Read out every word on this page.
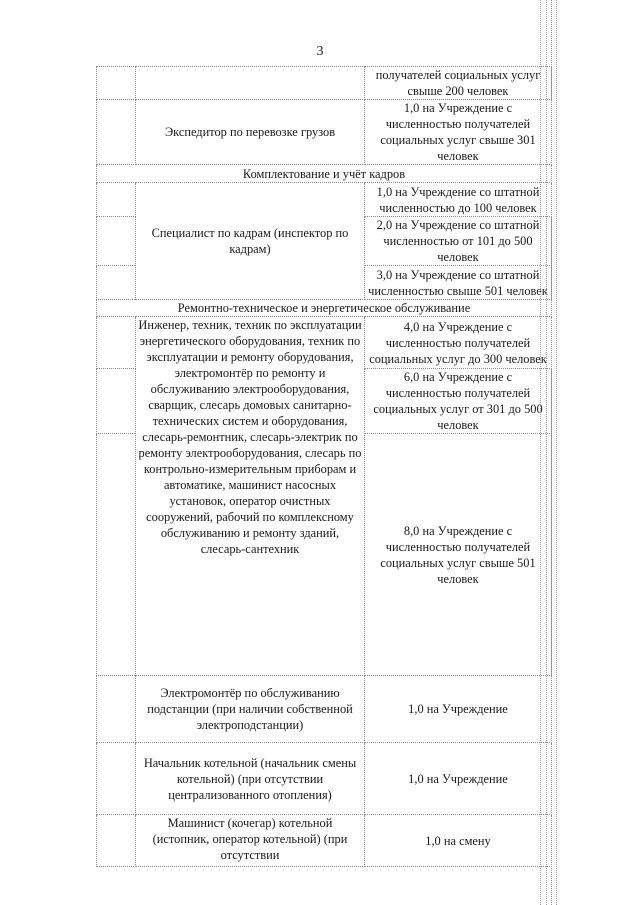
3
		получателей социальных услуг свыше 200 человек
	Экспедитор по перевозке грузов	1,0 на Учреждение с численностью получателей социальных услуг свыше 301 человек
Комплектование и учёт кадров		
	Специалист по кадрам (инспектор по кадрам)	1,0 на Учреждение со штатной численностью до 100 человек
		2,0 на Учреждение со штатной численностью от 101 до 500 человек
		3,0 на Учреждение со штатной численностью свыше 501 человек
Ремонтно-техническое и энергетическое обслуживание		
	Инженер, техник, техник по эксплуатации энергетического оборудования, техник по эксплуатации и ремонту оборудования, электромонтёр по ремонту и обслуживанию электрооборудования, сварщик, слесарь домовых санитарно-технических систем и оборудования, слесарь-ремонтник, слесарь-электрик по ремонту электрооборудования, слесарь по контрольно-измерительным приборам и автоматике, машинист насосных установок, оператор очистных сооружений, рабочий по комплексному обслуживанию и ремонту зданий, слесарь-сантехник	4,0 на Учреждение с численностью получателей социальных услуг до 300 человек
		6,0 на Учреждение с численностью получателей социальных услуг от 301 до 500 человек
		8,0 на Учреждение с численностью получателей социальных услуг свыше 501 человек
	Электромонтёр по обслуживанию подстанции (при наличии собственной электроподстанции)	1,0 на Учреждение
	Начальник котельной (начальник смены котельной) (при отсутствии централизованного отопления)	1,0 на Учреждение
	Машинист (кочегар) котельной (истопник, оператор котельной) (при отсутствии	1,0 на смену
